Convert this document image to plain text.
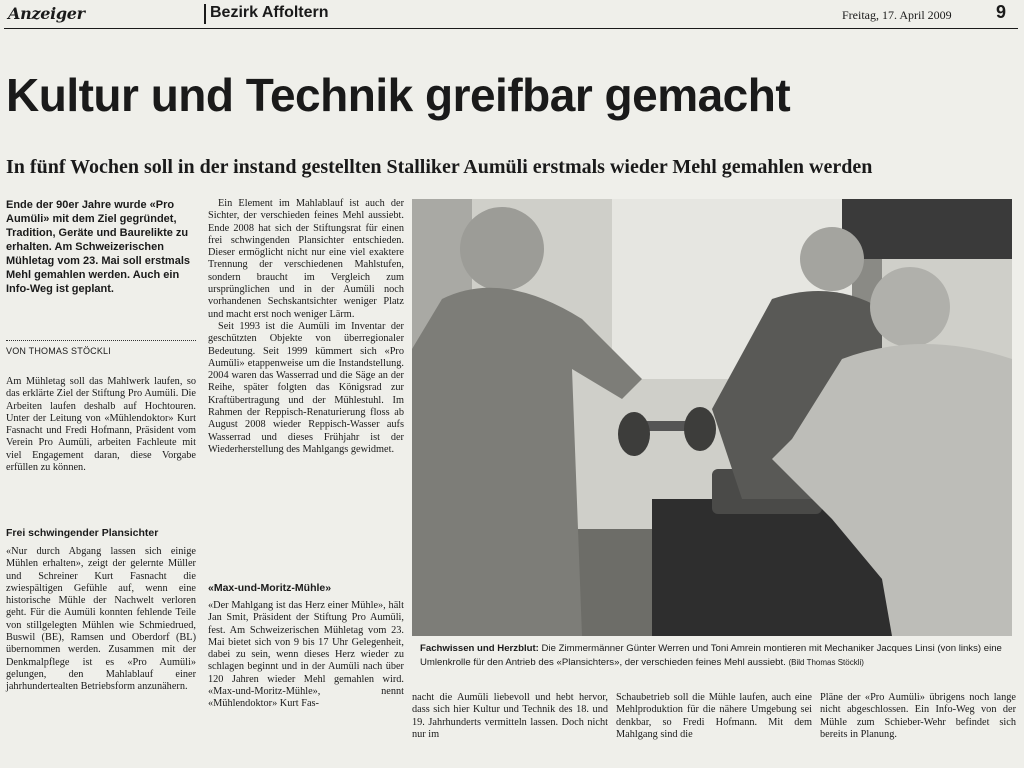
Anzeiger	Bezirk Affoltern	Freitag, 17. April 2009 9
Kultur und Technik greifbar gemacht
In fünf Wochen soll in der instand gestellten Stalliker Aumüli erstmals wieder Mehl gemahlen werden

Ende der 90er Jahre wurde «Pro Aumüli» mit dem Ziel gegründet, Tradition, Geräte und Baurelikte zu erhalten. Am Schweizerischen Mühletag vom 23. Mai soll erstmals Mehl gemahlen werden. Auch ein Info-Weg ist geplant.

VON THOMAS STÖCKLI

Am Mühletag soll das Mahlwerk laufen, so das erklärte Ziel der Stiftung Pro Aumüli. Die Arbeiten laufen deshalb auf Hochtouren. Unter der Leitung von «Mühlendoktor» Kurt Fasnacht und Fredi Hofmann, Präsident vom Verein Pro Aumüli, arbeiten Fachleute mit viel Engagement daran, diese Vorgabe erfüllen zu können.

Frei schwingender Plansichter

«Nur durch Abgang lassen sich einige Mühlen erhalten», zeigt der gelernte Müller und Schreiner Kurt Fasnacht die zwiespältigen Gefühle auf, wenn eine historische Mühle der Nachwelt verloren geht. Für die Aumüli konnten fehlende Teile von stillgelegten Mühlen wie Schmiedrued, Buswil (BE), Ramsen und Oberdorf (BL) übernommen werden. Zusammen mit der Denkmalpflege ist es «Pro Aumüli» gelungen, den Mahlablauf einer jahrhundertealten Betriebsform anzunähern.

Ein Element im Mahlablauf ist auch der Sichter, der verschieden feines Mehl aussiebt. Ende 2008 hat sich der Stiftungsrat für einen frei schwingenden Plansichter entschieden. Dieser ermöglicht nicht nur eine viel exaktere Trennung der verschiedenen Mahlstufen, sondern braucht im Vergleich zum ursprünglichen und in der Aumüli noch vorhandenen Sechskantsichter weniger Platz und macht erst noch weniger Lärm.

Seit 1993 ist die Aumüli im Inventar der geschützten Objekte von überregionaler Bedeutung. Seit 1999 kümmert sich «Pro Aumüli» etappenweise um die Instandstellung. 2004 waren das Wasserrad und die Säge an der Reihe, später folgten das Königsrad zur Kraftübertragung und der Mühlestuhl. Im Rahmen der Reppisch-Renaturierung floss ab August 2008 wieder Reppisch-Wasser aufs Wasserrad und dieses Frühjahr ist der Wiederherstellung des Mahlgangs gewidmet.

«Max-und-Moritz-Mühle»

«Der Mahlgang ist das Herz einer Mühle», hält Jan Smit, Präsident der Stiftung Pro Aumüli, fest. Am Schweizerischen Mühletag vom 23. Mai bietet sich von 9 bis 17 Uhr Gelegenheit, dabei zu sein, wenn dieses Herz wieder zu schlagen beginnt und in der Aumüli nach über 120 Jahren wieder Mehl gemahlen wird. «Max-und-Moritz-Mühle», nennt «Mühlendoktor» Kurt Fas-

Fachwissen und Herzblut: Die Zimmermänner Günter Werren und Toni Amrein montieren mit Mechaniker Jacques Linsi (von links) eine Umlenkrolle für den Antrieb des «Plansichters», der verschieden feines Mehl aussiebt. (Bild Thomas Stöckli)

nacht die Aumüli liebevoll und hebt hervor, dass sich hier Kultur und Technik des 18. und 19. Jahrhunderts vermitteln lassen. Doch nicht nur im

Schaubetrieb soll die Mühle laufen, auch eine Mehlproduktion für die nähere Umgebung sei denkbar, so Fredi Hofmann. Mit dem Mahlgang sind die

Pläne der «Pro Aumüli» übrigens noch lange nicht abgeschlossen. Ein Info-Weg von der Mühle zum Schieber-Wehr befindet sich bereits in Planung.
